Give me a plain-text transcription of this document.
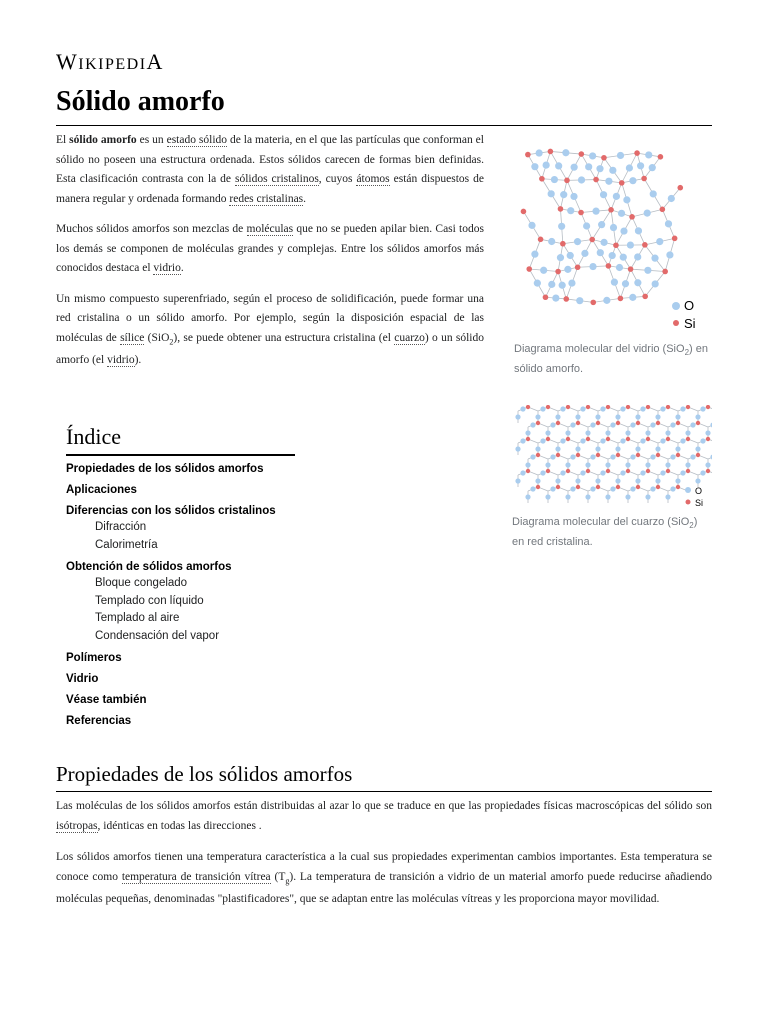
WIKIPEDIA
Sólido amorfo

El sólido amorfo es un estado sólido de la materia, en el que las partículas que conforman el sólido no poseen una estructura ordenada. Estos sólidos carecen de formas bien definidas. Esta clasificación contrasta con la de sólidos cristalinos, cuyos átomos están dispuestos de manera regular y ordenada formando redes cristalinas.

Muchos sólidos amorfos son mezclas de moléculas que no se pueden apilar bien. Casi todos los demás se componen de moléculas grandes y complejas. Entre los sólidos amorfos más conocidos destaca el vidrio.

Un mismo compuesto superenfriado, según el proceso de solidificación, puede formar una red cristalina o un sólido amorfo. Por ejemplo, según la disposición espacial de las moléculas de sílice (SiO$_2$), se puede obtener una estructura cristalina (el cuarzo) o un sólido amorfo (el vidrio).

O
Si
Diagrama molecular del vidrio (SiO$_2$) en sólido amorfo.
O
Si
Diagrama molecular del cuarzo (SiO$_2$) en red cristalina.
Índice
Propiedades de los sólidos amorfos
Aplicaciones
Diferencias con los sólidos cristalinos
Difracción
Calorimetría
Obtención de sólidos amorfos
Bloque congelado
Templado con líquido
Templado al aire
Condensación del vapor
Polímeros
Vidrio
Véase también
Referencias
Propiedades de los sólidos amorfos

Las moléculas de los sólidos amorfos están distribuidas al azar lo que se traduce en que las propiedades físicas macroscópicas del sólido son isótropas, idénticas en todas las direcciones .

Los sólidos amorfos tienen una temperatura característica a la cual sus propiedades experimentan cambios importantes. Esta temperatura se conoce como temperatura de transición vítrea $(T_g)$. La temperatura de transición a vidrio de un material amorfo puede reducirse añadiendo moléculas pequeñas, denominadas "plastificadores", que se adaptan entre las moléculas vítreas y les proporciona mayor movilidad.
